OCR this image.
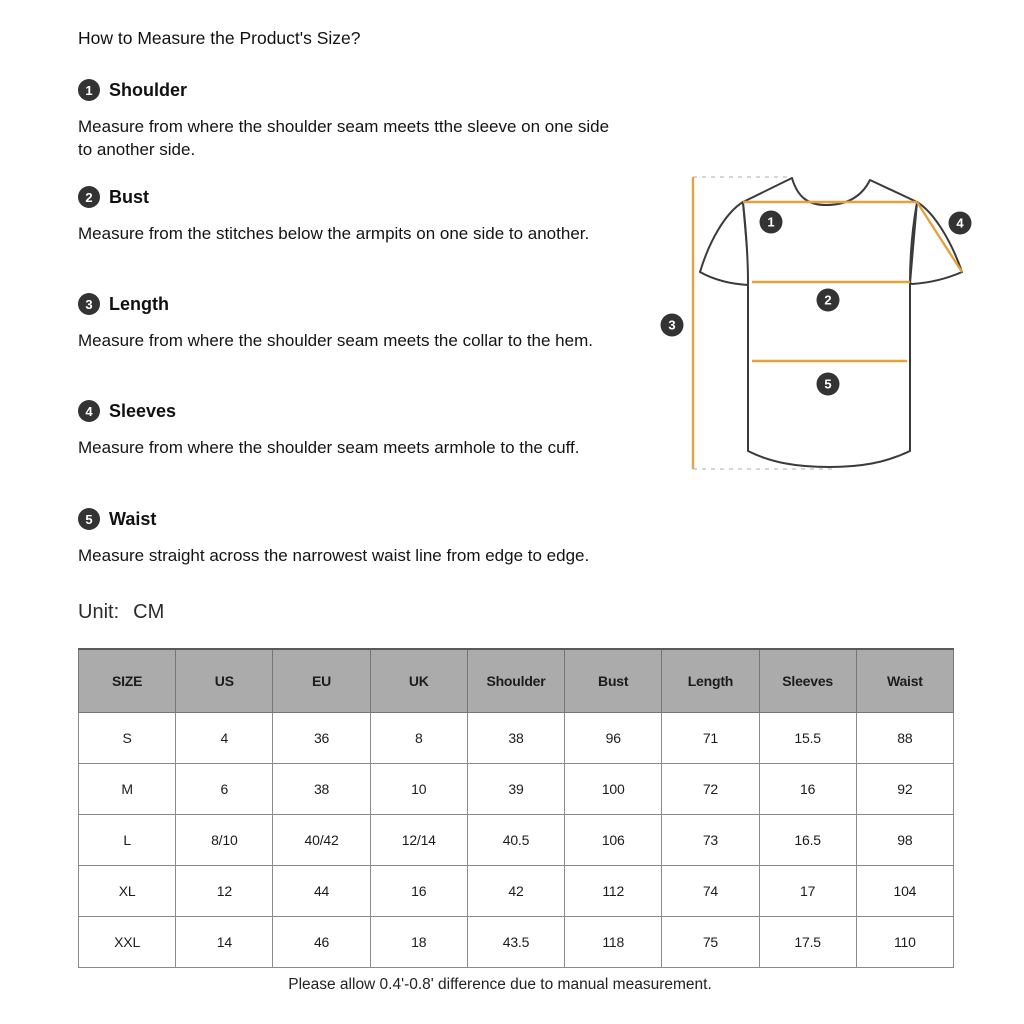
How to Measure the Product's Size?
1 Shoulder
Measure from where the shoulder seam meets tthe sleeve on one side to another side.
2 Bust
Measure from the stitches below the armpits on one side to another.
3 Length
Measure from where the shoulder seam meets the collar to the hem.
4 Sleeves
Measure from where the shoulder seam meets armhole to the cuff.
5 Waist
Measure straight across the narrowest waist line from edge to edge.
Unit: CM
1
2
3
4
5
SIZE	US	EU	UK	Shoulder	Bust	Length	Sleeves	Waist
S	4	36	8	38	96	71	15.5	88
M	6	38	10	39	100	72	16	92
L	8/10	40/42	12/14	40.5	106	73	16.5	98
XL	12	44	16	42	112	74	17	104
XXL	14	46	18	43.5	118	75	17.5	110
Please allow 0.4'-0.8' difference due to manual measurement.
